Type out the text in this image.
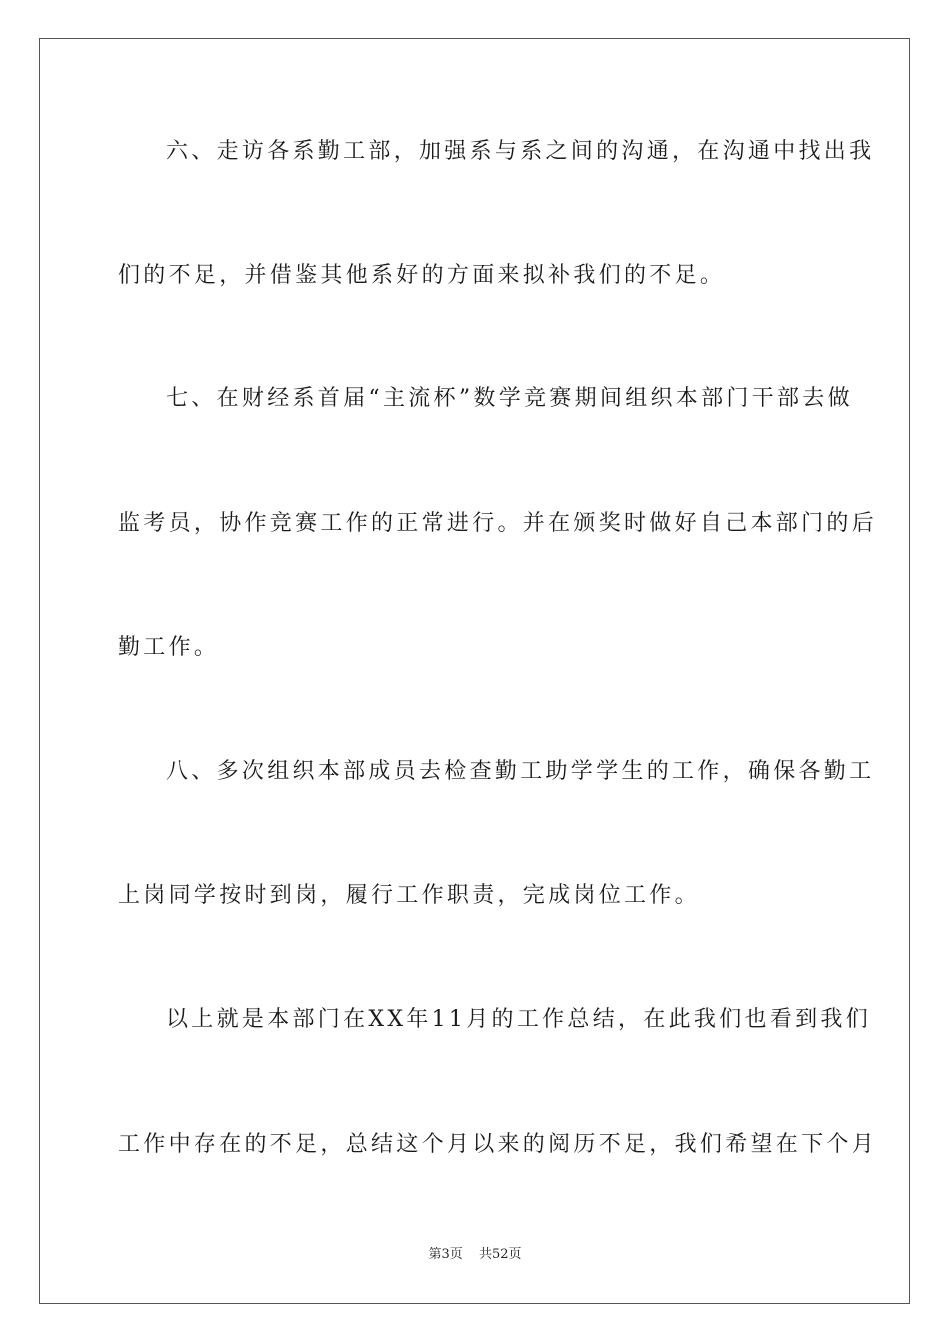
六、走访各系勤工部，加强系与系之间的沟通，在沟通中找出我
们的不足，并借鉴其他系好的方面来拟补我们的不足。
七、在财经系首届“主流杯”数学竞赛期间组织本部门干部去做
监考员，协作竞赛工作的正常进行。并在颁奖时做好自己本部门的后
勤工作。
八、多次组织本部成员去检查勤工助学学生的工作，确保各勤工
上岗同学按时到岗，履行工作职责，完成岗位工作。
以上就是本部门在XX年11月的工作总结，在此我们也看到我们
工作中存在的不足，总结这个月以来的阅历不足，我们希望在下个月
第3页 共52页
